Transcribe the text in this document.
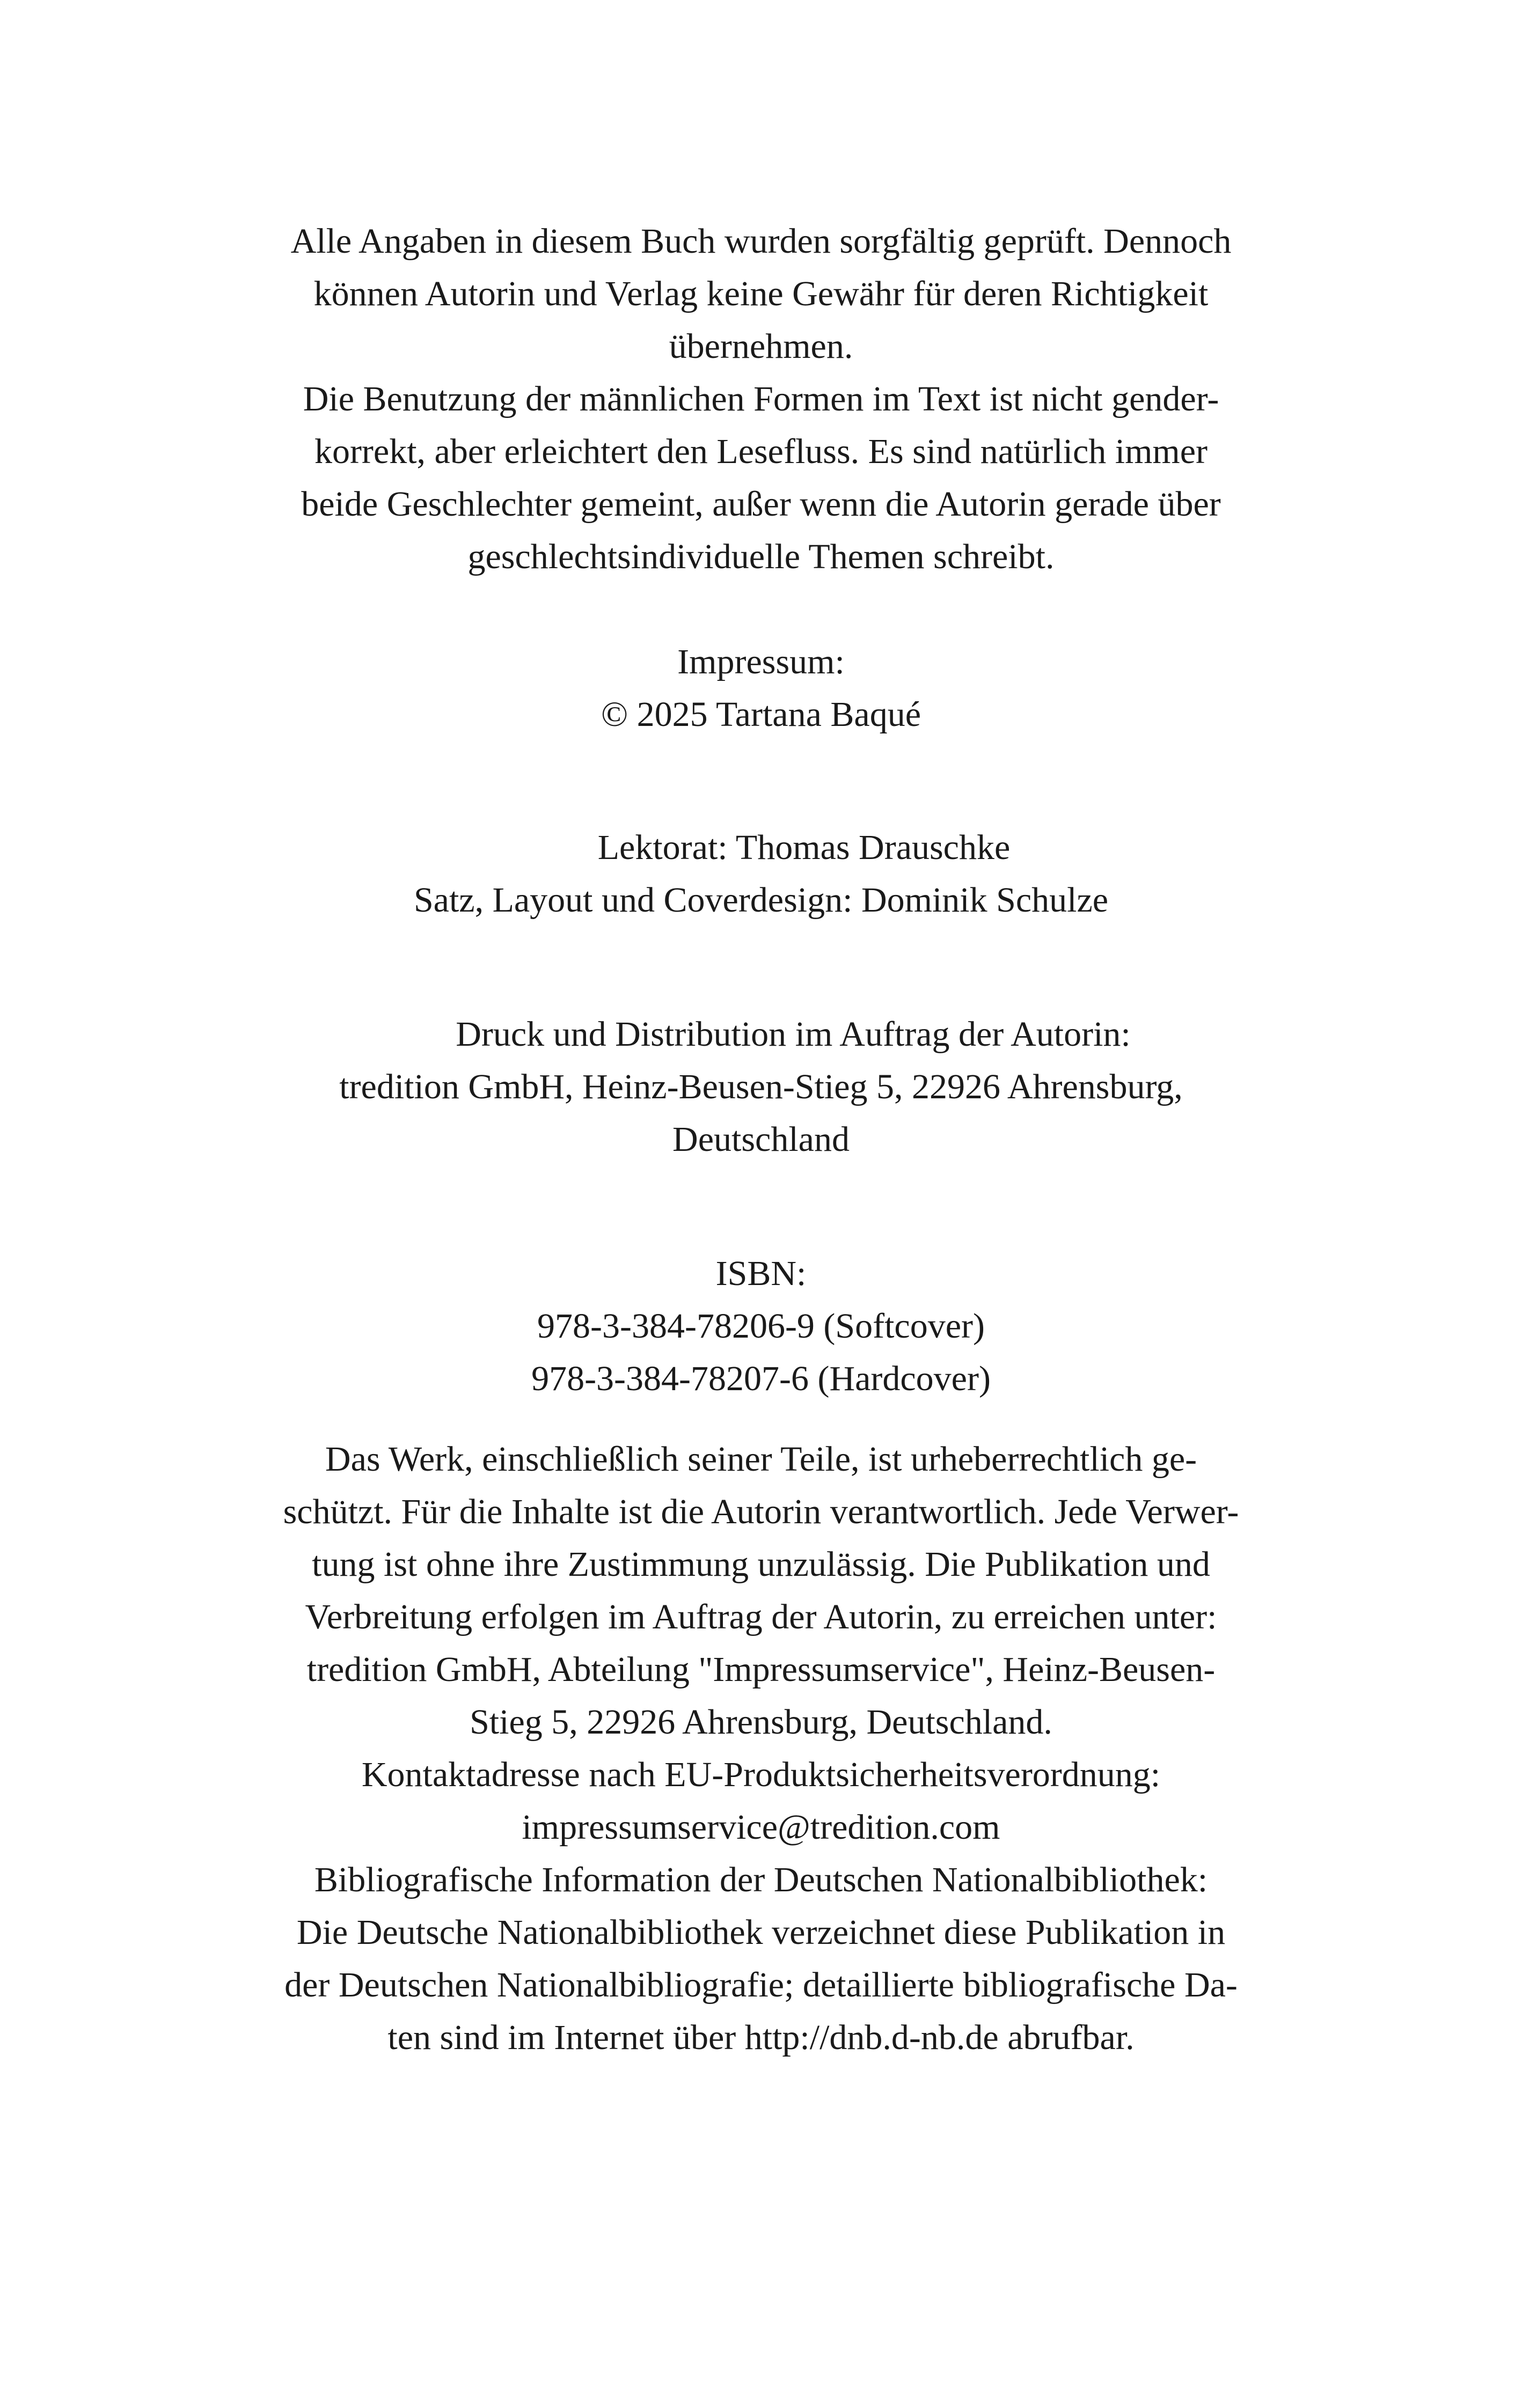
Alle Angaben in diesem Buch wurden sorgfältig geprüft. Dennoch
können Autorin und Verlag keine Gewähr für deren Richtigkeit
übernehmen.
Die Benutzung der männlichen Formen im Text ist nicht gender-
korrekt, aber erleichtert den Lesefluss. Es sind natürlich immer
beide Geschlechter gemeint, außer wenn die Autorin gerade über
geschlechtsindividuelle Themen schreibt.
Impressum:
© 2025 Tartana Baqué
Lektorat: Thomas Drauschke
Satz, Layout und Coverdesign: Dominik Schulze
Druck und Distribution im Auftrag der Autorin:
tredition GmbH, Heinz-Beusen-Stieg 5, 22926 Ahrensburg,
Deutschland
ISBN:
978-3-384-78206-9 (Softcover)
978-3-384-78207-6 (Hardcover)
Das Werk, einschließlich seiner Teile, ist urheberrechtlich ge-
schützt. Für die Inhalte ist die Autorin verantwortlich. Jede Verwer-
tung ist ohne ihre Zustimmung unzulässig. Die Publikation und
Verbreitung erfolgen im Auftrag der Autorin, zu erreichen unter:
tredition GmbH, Abteilung "Impressumservice", Heinz-Beusen-
Stieg 5, 22926 Ahrensburg, Deutschland.
Kontaktadresse nach EU-Produktsicherheitsverordnung:
impressumservice@tredition.com
Bibliografische Information der Deutschen Nationalbibliothek:
Die Deutsche Nationalbibliothek verzeichnet diese Publikation in
der Deutschen Nationalbibliografie; detaillierte bibliografische Da-
ten sind im Internet über http://dnb.d-nb.de abrufbar.
